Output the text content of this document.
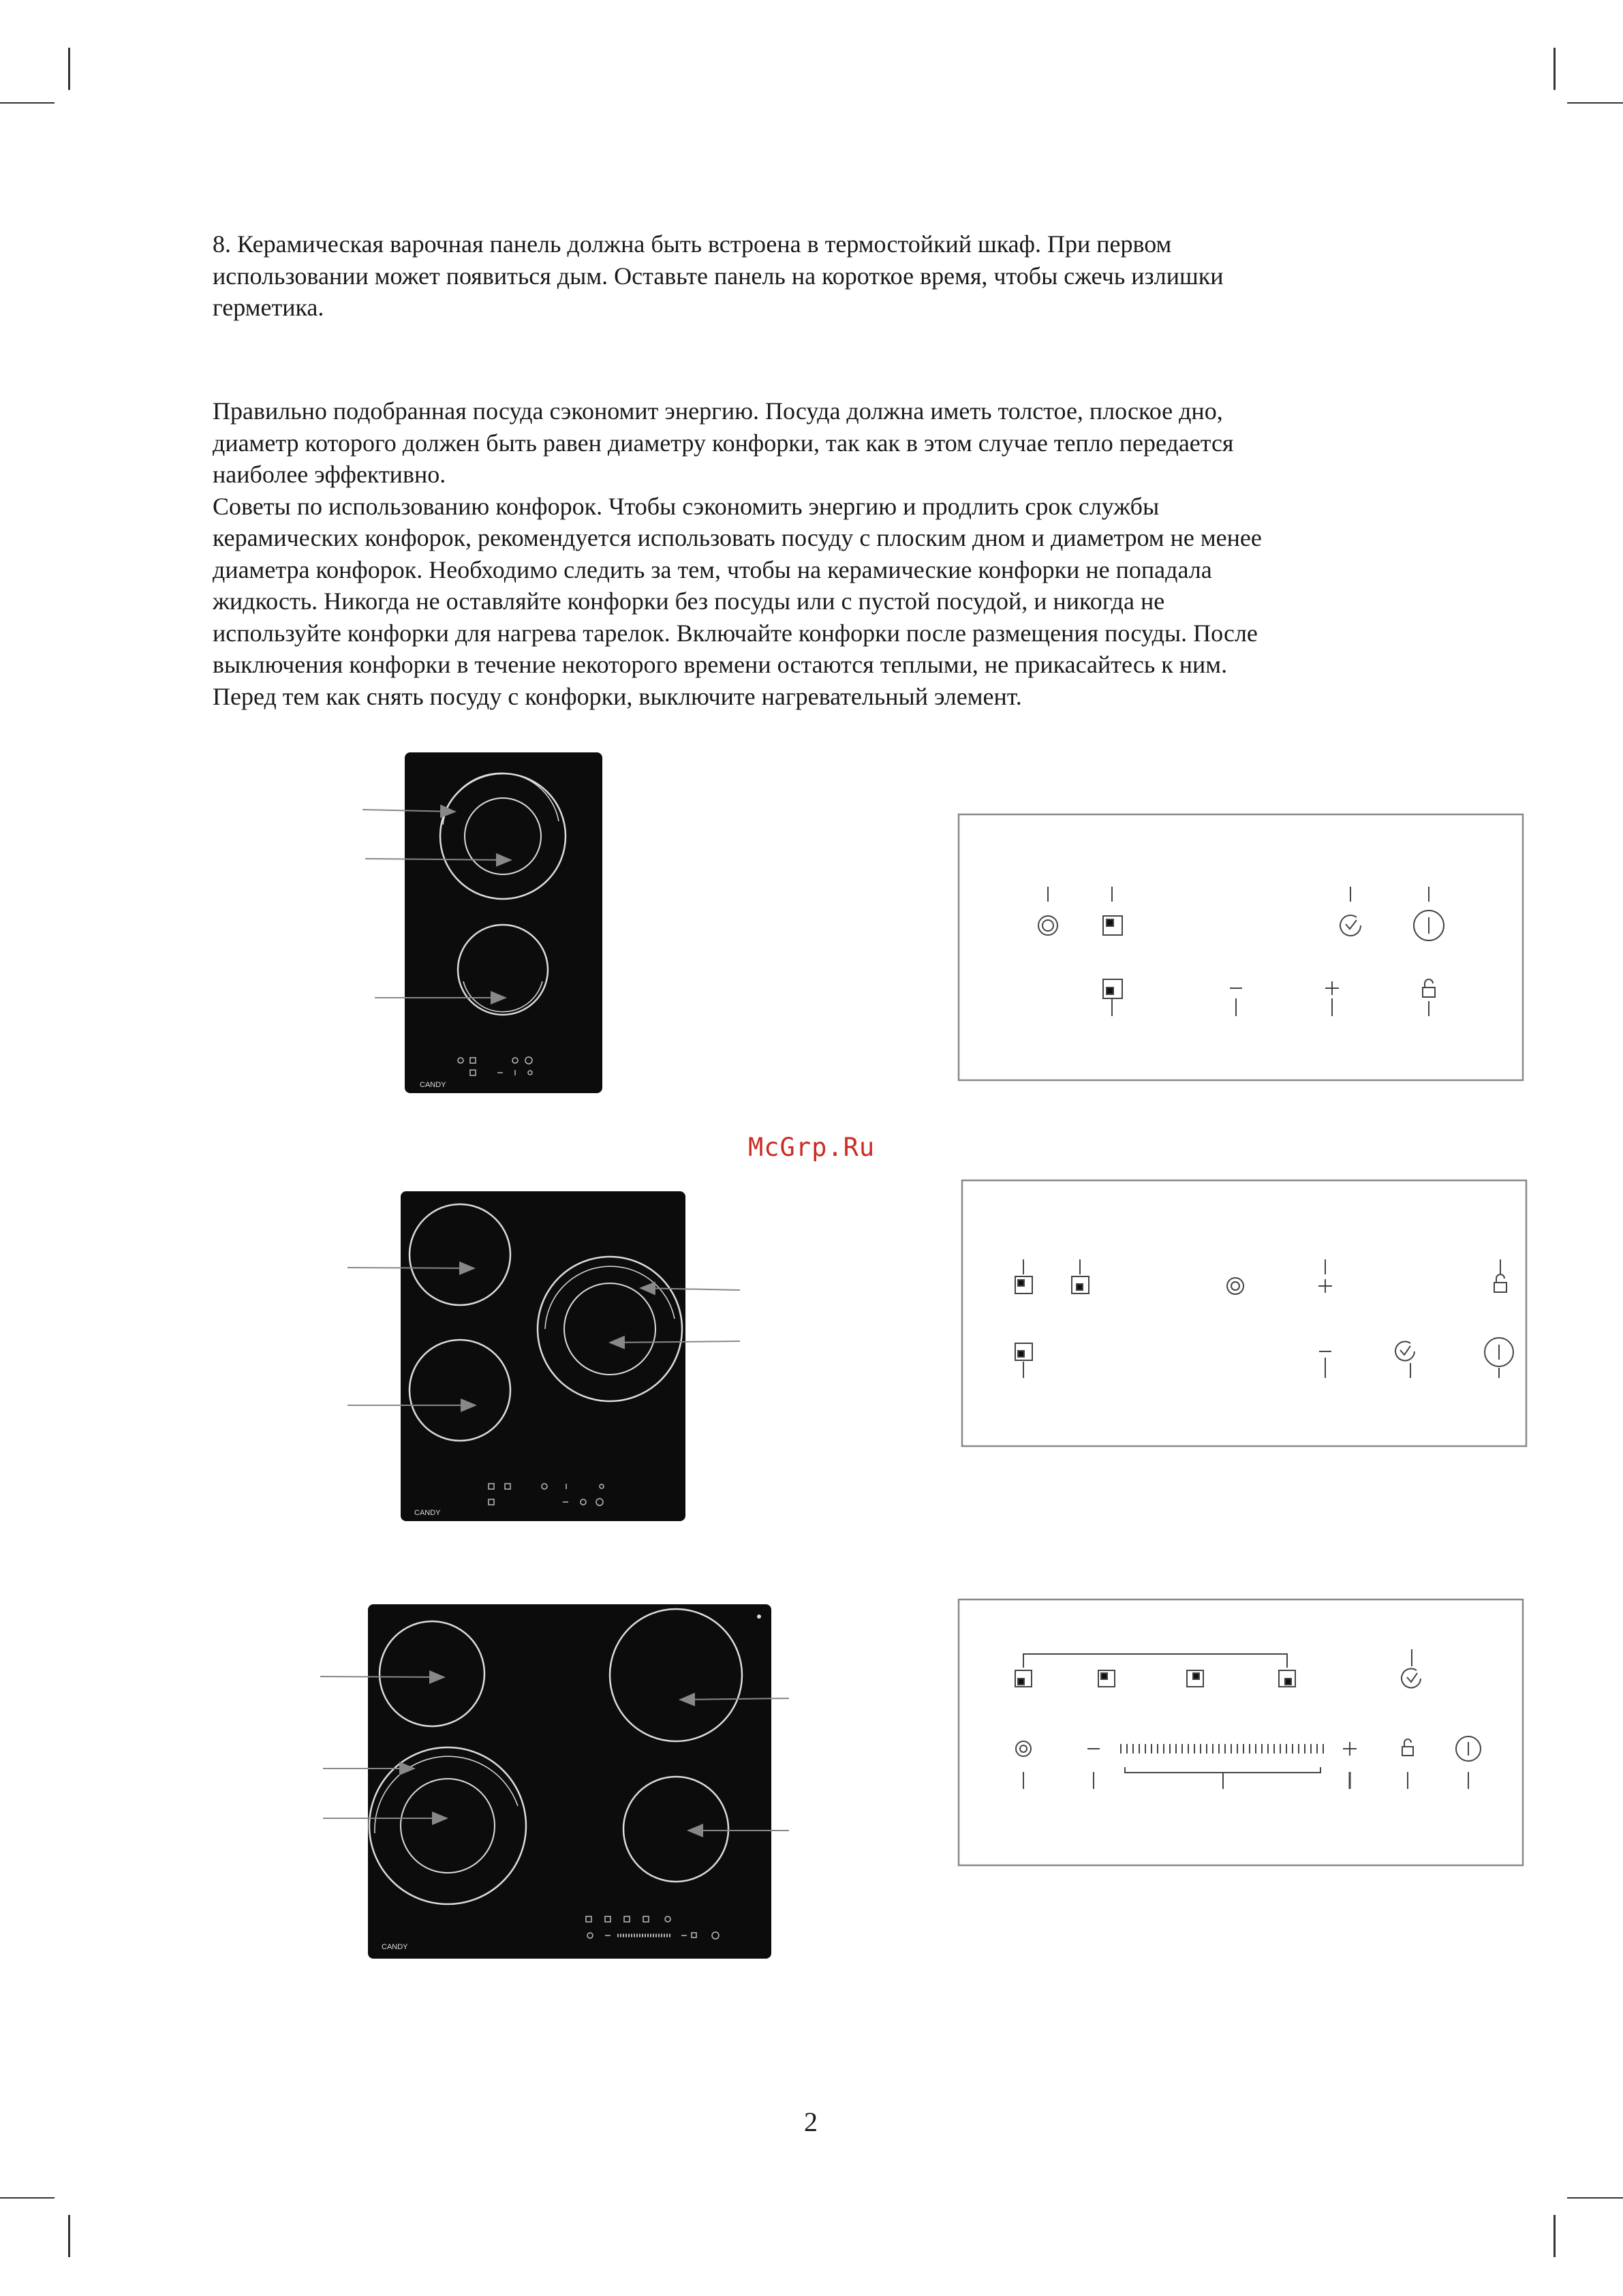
8. Керамическая варочная панель должна быть встроена в термостойкий шкаф. При первом
использовании может появиться дым. Оставьте панель на короткое время, чтобы сжечь излишки
герметика.
Правильно подобранная посуда сэкономит энергию. Посуда должна иметь толстое, плоское дно,
диаметр которого должен быть равен диаметру конфорки, так как в этом случае тепло передается
наиболее эффективно.
Советы по использованию конфорок. Чтобы сэкономить энергию и продлить срок службы
керамических конфорок, рекомендуется использовать посуду с плоским дном и диаметром не менее
диаметра конфорок. Необходимо следить за тем, чтобы на керамические конфорки не попадала
жидкость. Никогда не оставляйте конфорки без посуды или с пустой посудой, и никогда не
используйте конфорки для нагрева тарелок. Включайте конфорки после размещения посуды. После
выключения конфорки в течение некоторого времени остаются теплыми, не прикасайтесь к ним.
Перед тем как снять посуду с конфорки, выключите нагревательный элемент.
CANDY
McGrp.Ru
CANDY
CANDY
2
